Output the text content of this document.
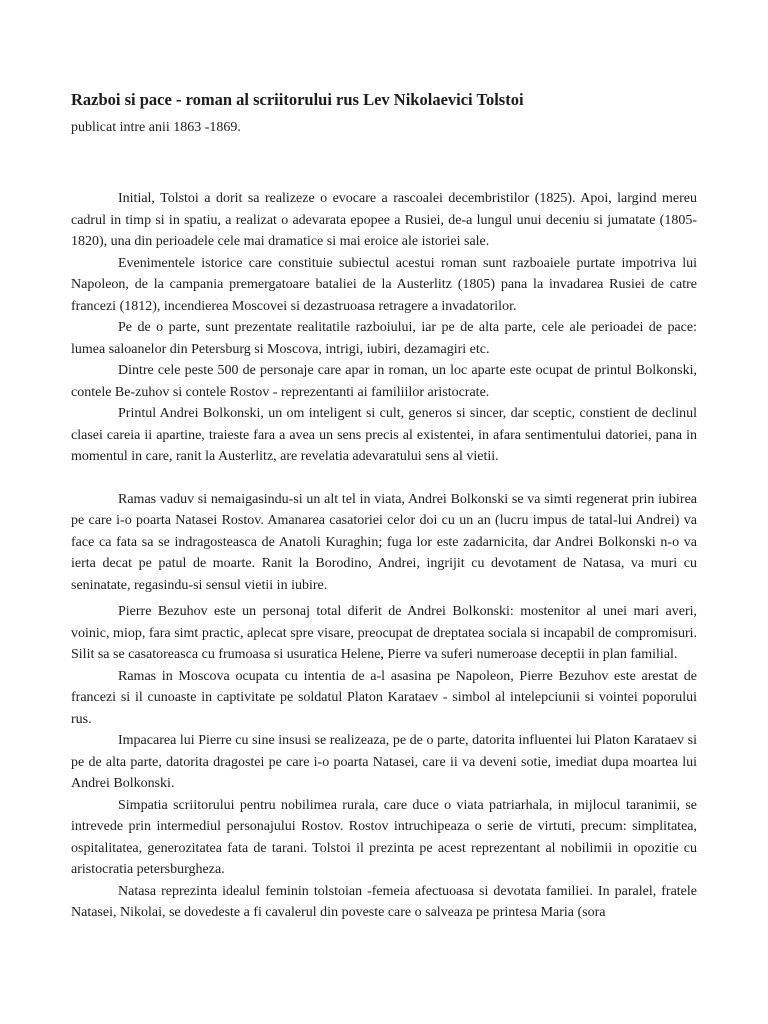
Razboi si pace - roman al scriitorului rus Lev Nikolaevici Tolstoi

publicat intre anii 1863 -1869.

Initial, Tolstoi a dorit sa realizeze o evocare a rascoalei decembristilor (1825). Apoi, largind mereu cadrul in timp si in spatiu, a realizat o adevarata epopee a Rusiei, de-a lungul unui deceniu si jumatate (1805-1820), una din perioadele cele mai dramatice si mai eroice ale istoriei sale.

Evenimentele istorice care constituie subiectul acestui roman sunt razboaiele purtate impotriva lui Napoleon, de la campania premergatoare bataliei de la Austerlitz (1805) pana la invadarea Rusiei de catre francezi (1812), incendierea Moscovei si dezastruoasa retragere a invadatorilor.

Pe de o parte, sunt prezentate realitatile razboiului, iar pe de alta parte, cele ale perioadei de pace: lumea saloanelor din Petersburg si Moscova, intrigi, iubiri, dezamagiri etc.

Dintre cele peste 500 de personaje care apar in roman, un loc aparte este ocupat de printul Bolkonski, contele Be-zuhov si contele Rostov - reprezentanti ai familiilor aristocrate.

Printul Andrei Bolkonski, un om inteligent si cult, generos si sincer, dar sceptic, constient de declinul clasei careia ii apartine, traieste fara a avea un sens precis al existentei, in afara sentimentului datoriei, pana in momentul in care, ranit la Austerlitz, are revelatia adevaratului sens al vietii.

Ramas vaduv si nemaigasindu-si un alt tel in viata, Andrei Bolkonski se va simti regenerat prin iubirea pe care i-o poarta Natasei Rostov. Amanarea casatoriei celor doi cu un an (lucru impus de tatal-lui Andrei) va face ca fata sa se indragosteasca de Anatoli Kuraghin; fuga lor este zadarnicita, dar Andrei Bolkonski n-o va ierta decat pe patul de moarte. Ranit la Borodino, Andrei, ingrijit cu devotament de Natasa, va muri cu seninatate, regasindu-si sensul vietii in iubire.

Pierre Bezuhov este un personaj total diferit de Andrei Bolkonski: mostenitor al unei mari averi, voinic, miop, fara simt practic, aplecat spre visare, preocupat de dreptatea sociala si incapabil de compromisuri. Silit sa se casatoreasca cu frumoasa si usuratica Helene, Pierre va suferi numeroase deceptii in plan familial.

Ramas in Moscova ocupata cu intentia de a-l asasina pe Napoleon, Pierre Bezuhov este arestat de francezi si il cunoaste in captivitate pe soldatul Platon Karataev - simbol al intelepciunii si vointei poporului rus.

Impacarea lui Pierre cu sine insusi se realizeaza, pe de o parte, datorita influentei lui Platon Karataev si pe de alta parte, datorita dragostei pe care i-o poarta Natasei, care ii va deveni sotie, imediat dupa moartea lui Andrei Bolkonski.

Simpatia scriitorului pentru nobilimea rurala, care duce o viata patriarhala, in mijlocul taranimii, se intrevede prin intermediul personajului Rostov. Rostov intruchipeaza o serie de virtuti, precum: simplitatea, ospitalitatea, generozitatea fata de tarani. Tolstoi il prezinta pe acest reprezentant al nobilimii in opozitie cu aristocratia petersburgheza.

Natasa reprezinta idealul feminin tolstoian -femeia afectuoasa si devotata familiei. In paralel, fratele Natasei, Nikolai, se dovedeste a fi cavalerul din poveste care o salveaza pe printesa Maria (sora
